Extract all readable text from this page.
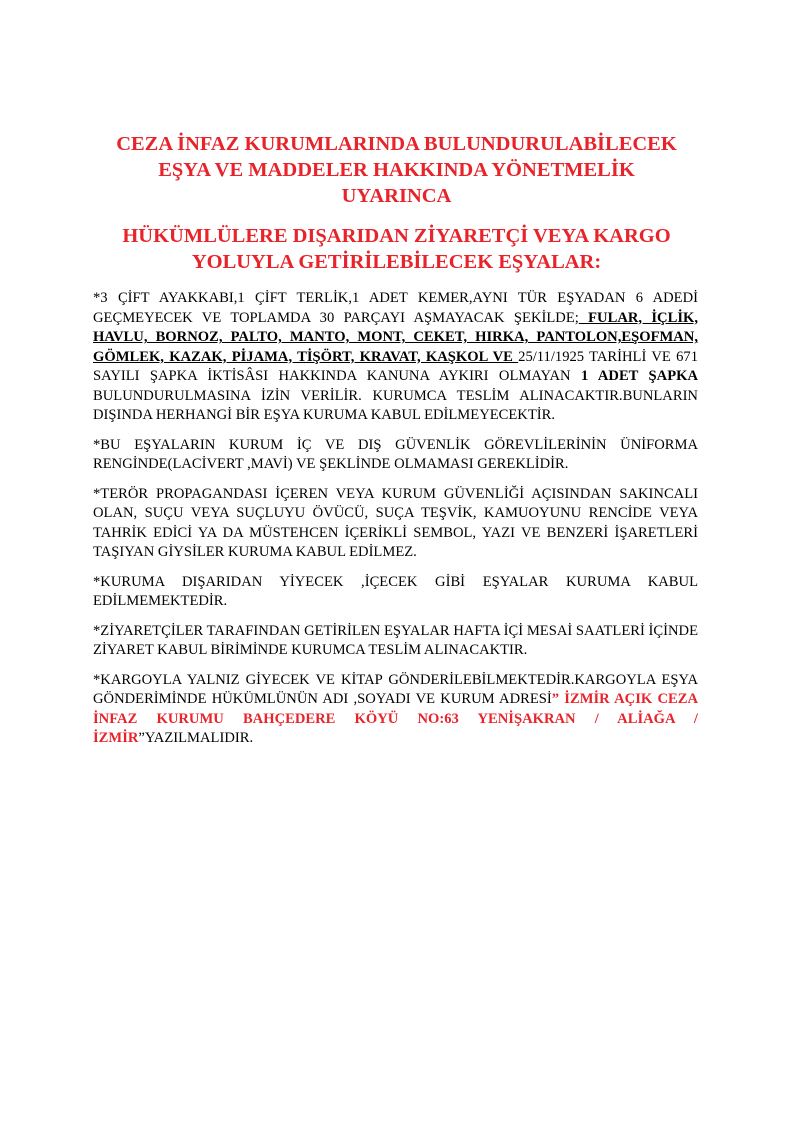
CEZA İNFAZ KURUMLARINDA BULUNDURULABİLECEK
EŞYA VE MADDELER HAKKINDA YÖNETMELİK
UYARINCA
HÜKÜMLÜLERE DIŞARIDAN ZİYARETÇİ VEYA KARGO
YOLUYLA GETİRİLEBİLECEK EŞYALAR:

*3 ÇİFT AYAKKABI,1 ÇİFT TERLİK,1 ADET KEMER,AYNI TÜR EŞYADAN 6 ADEDİ GEÇMEYECEK VE TOPLAMDA 30 PARÇAYI AŞMAYACAK ŞEKİLDE; FULAR, İÇLİK, HAVLU, BORNOZ, PALTO, MANTO, MONT, CEKET, HIRKA, PANTOLON,EŞOFMAN, GÖMLEK, KAZAK, PİJAMA, TİŞÖRT, KRAVAT, KAŞKOL VE 25/11/1925 TARİHLİ VE 671 SAYILI ŞAPKA İKTİSÂSI HAKKINDA KANUNA AYKIRI OLMAYAN 1 ADET ŞAPKA BULUNDURULMASINA İZİN VERİLİR. KURUMCA TESLİM ALINACAKTIR.BUNLARIN DIŞINDA HERHANGİ BİR EŞYA KURUMA KABUL EDİLMEYECEKTİR.

*BU EŞYALARIN KURUM İÇ VE DIŞ GÜVENLİK GÖREVLİLERİNİN ÜNİFORMA RENGİNDE(LACİVERT ,MAVİ) VE ŞEKLİNDE OLMAMASI GEREKLİDİR.

*TERÖR PROPAGANDASI İÇEREN VEYA KURUM GÜVENLİĞİ AÇISINDAN SAKINCALI OLAN, SUÇU VEYA SUÇLUYU ÖVÜCÜ, SUÇA TEŞVİK, KAMUOYUNU RENCİDE VEYA TAHRİK EDİCİ YA DA MÜSTEHCEN İÇERİKLİ SEMBOL, YAZI VE BENZERİ İŞARETLERİ TAŞIYAN GİYSİLER KURUMA KABUL EDİLMEZ.

*KURUMA DIŞARIDAN YİYECEK ,İÇECEK GİBİ EŞYALAR KURUMA KABUL EDİLMEMEKTEDİR.

*ZİYARETÇİLER TARAFINDAN GETİRİLEN EŞYALAR HAFTA İÇİ MESAİ SAATLERİ İÇİNDE ZİYARET KABUL BİRİMİNDE KURUMCA TESLİM ALINACAKTIR.

*KARGOYLA YALNIZ GİYECEK VE KİTAP GÖNDERİLEBİLMEKTEDİR.KARGOYLA EŞYA GÖNDERİMİNDE HÜKÜMLÜNÜN ADI ,SOYADI VE KURUM ADRESİ” İZMİR AÇIK CEZA İNFAZ KURUMU BAHÇEDERE KÖYÜ NO:63 YENİŞAKRAN / ALİAĞA / İZMİR”YAZILMALIDIR.
